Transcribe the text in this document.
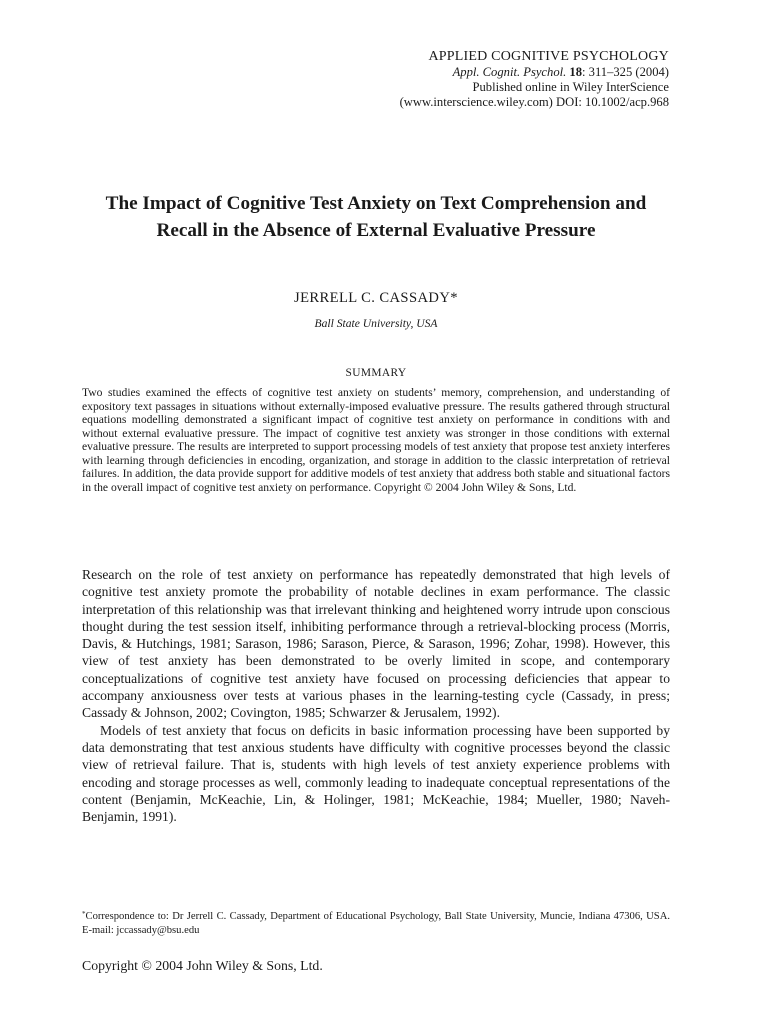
APPLIED COGNITIVE PSYCHOLOGY
Appl. Cognit. Psychol. 18: 311–325 (2004)
Published online in Wiley InterScience
(www.interscience.wiley.com) DOI: 10.1002/acp.968
The Impact of Cognitive Test Anxiety on Text Comprehension and Recall in the Absence of External Evaluative Pressure
JERRELL C. CASSADY*
Ball State University, USA
SUMMARY
Two studies examined the effects of cognitive test anxiety on students’ memory, comprehension, and understanding of expository text passages in situations without externally-imposed evaluative pressure. The results gathered through structural equations modelling demonstrated a significant impact of cognitive test anxiety on performance in conditions with and without external evaluative pressure. The impact of cognitive test anxiety was stronger in those conditions with external evaluative pressure. The results are interpreted to support processing models of test anxiety that propose test anxiety interferes with learning through deficiencies in encoding, organization, and storage in addition to the classic interpretation of retrieval failures. In addition, the data provide support for additive models of test anxiety that address both stable and situational factors in the overall impact of cognitive test anxiety on performance. Copyright © 2004 John Wiley & Sons, Ltd.

Research on the role of test anxiety on performance has repeatedly demonstrated that high levels of cognitive test anxiety promote the probability of notable declines in exam performance. The classic interpretation of this relationship was that irrelevant thinking and heightened worry intrude upon conscious thought during the test session itself, inhibiting performance through a retrieval-blocking process (Morris, Davis, & Hutchings, 1981; Sarason, 1986; Sarason, Pierce, & Sarason, 1996; Zohar, 1998). However, this view of test anxiety has been demonstrated to be overly limited in scope, and contemporary conceptualizations of cognitive test anxiety have focused on processing deficiencies that appear to accompany anxiousness over tests at various phases in the learning-testing cycle (Cassady, in press; Cassady & Johnson, 2002; Covington, 1985; Schwarzer & Jerusalem, 1992).

Models of test anxiety that focus on deficits in basic information processing have been supported by data demonstrating that test anxious students have difficulty with cognitive processes beyond the classic view of retrieval failure. That is, students with high levels of test anxiety experience problems with encoding and storage processes as well, commonly leading to inadequate conceptual representations of the content (Benjamin, McKeachie, Lin, & Holinger, 1981; McKeachie, 1984; Mueller, 1980; Naveh-Benjamin, 1991).

*Correspondence to: Dr Jerrell C. Cassady, Department of Educational Psychology, Ball State University, Muncie, Indiana 47306, USA. E-mail: jccassady@bsu.edu
Copyright © 2004 John Wiley & Sons, Ltd.
